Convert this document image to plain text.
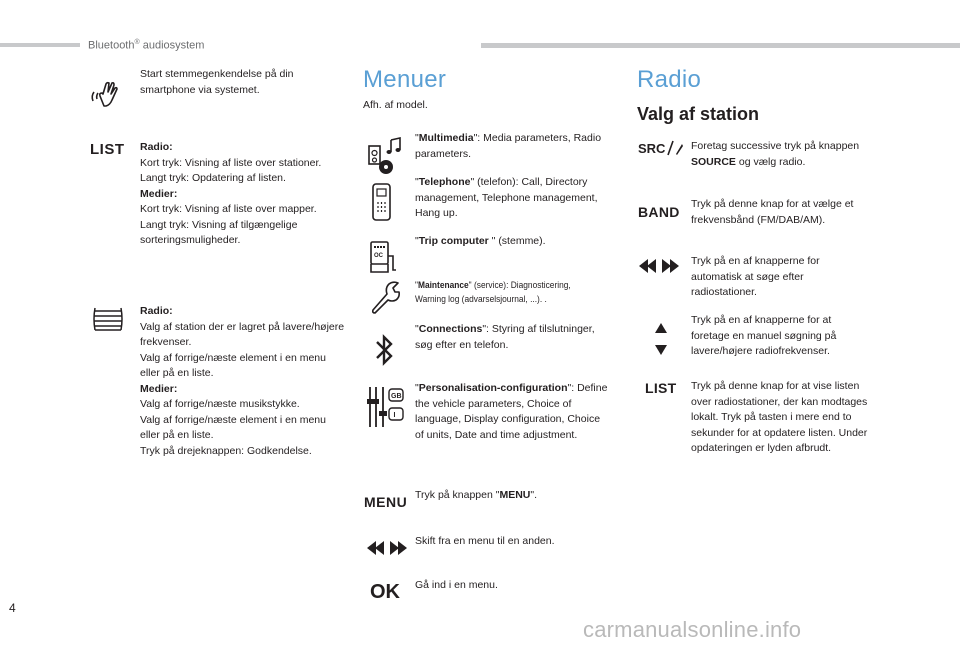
Bluetooth® audiosystem
Start stemmegenkendelse på din smartphone via systemet.
LIST Radio:
Kort tryk: Visning af liste over stationer.
Langt tryk: Opdatering af listen.
Medier:
Kort tryk: Visning af liste over mapper.
Langt tryk: Visning af tilgængelige sorteringsmuligheder.
Radio:
Valg af station der er lagret på lavere/højere frekvenser.
Valg af forrige/næste element i en menu eller på en liste.
Medier:
Valg af forrige/næste musikstykke.
Valg af forrige/næste element i en menu eller på en liste.
Tryk på drejeknappen: Godkendelse.
Menuer
Afh. af model.
"Multimedia": Media parameters, Radio parameters.
"Telephone" (telefon): Call, Directory management, Telephone management, Hang up.
OC
"Trip computer " (stemme).
"Maintenance" (service): Diagnosticering, Warning log (advarselsjournal, ...). .
"Connections": Styring af tilslutninger, søg efter en telefon.
GB
I
"Personalisation-configuration": Define the vehicle parameters, Choice of language, Display configuration, Choice of units, Date and time adjustment.
MENU Tryk på knappen "MENU".
Skift fra en menu til en anden.
OK Gå ind i en menu.
Radio
Valg af station
SRC Foretag successive tryk på knappen SOURCE og vælg radio.
BAND Tryk på denne knap for at vælge et frekvensbånd (FM/DAB/AM).
Tryk på en af knapperne for automatisk at søge efter radiostationer.
Tryk på en af knapperne for at foretage en manuel søgning på lavere/højere radiofrekvenser.
LIST Tryk på denne knap for at vise listen over radiostationer, der kan modtages lokalt. Tryk på tasten i mere end to sekunder for at opdatere listen. Under opdateringen er lyden afbrudt.
4
carmanualsonline.info
